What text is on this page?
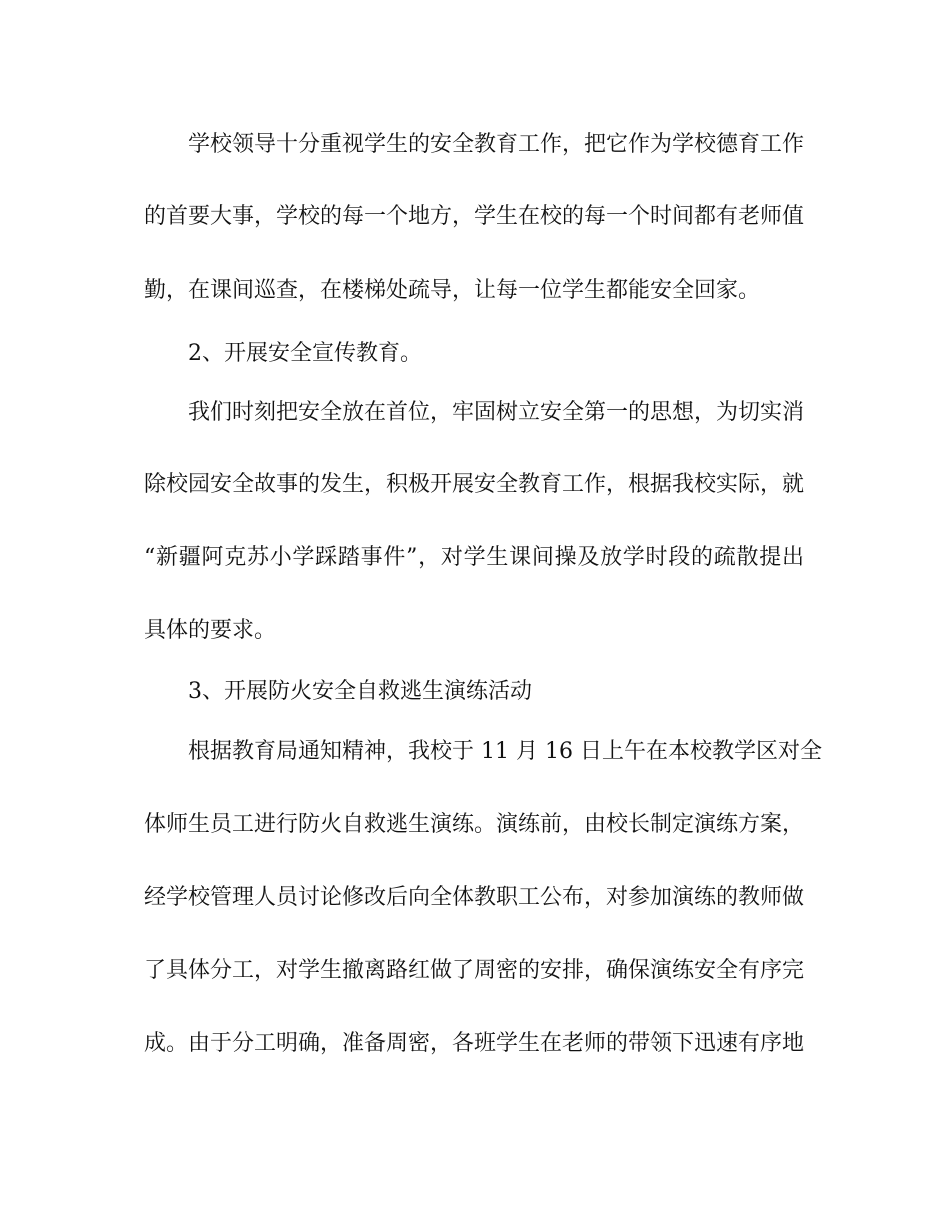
学校领导十分重视学生的安全教育工作，把它作为学校德育工作

的首要大事，学校的每一个地方，学生在校的每一个时间都有老师值

勤，在课间巡查，在楼梯处疏导，让每一位学生都能安全回家。

2、开展安全宣传教育。

我们时刻把安全放在首位，牢固树立安全第一的思想，为切实消

除校园安全故事的发生，积极开展安全教育工作，根据我校实际，就

“新疆阿克苏小学踩踏事件”，对学生课间操及放学时段的疏散提出

具体的要求。

3、开展防火安全自救逃生演练活动

根据教育局通知精神，我校于 11 月 16 日上午在本校教学区对全

体师生员工进行防火自救逃生演练。演练前，由校长制定演练方案，

经学校管理人员讨论修改后向全体教职工公布，对参加演练的教师做

了具体分工，对学生撤离路红做了周密的安排，确保演练安全有序完

成。由于分工明确，准备周密，各班学生在老师的带领下迅速有序地
